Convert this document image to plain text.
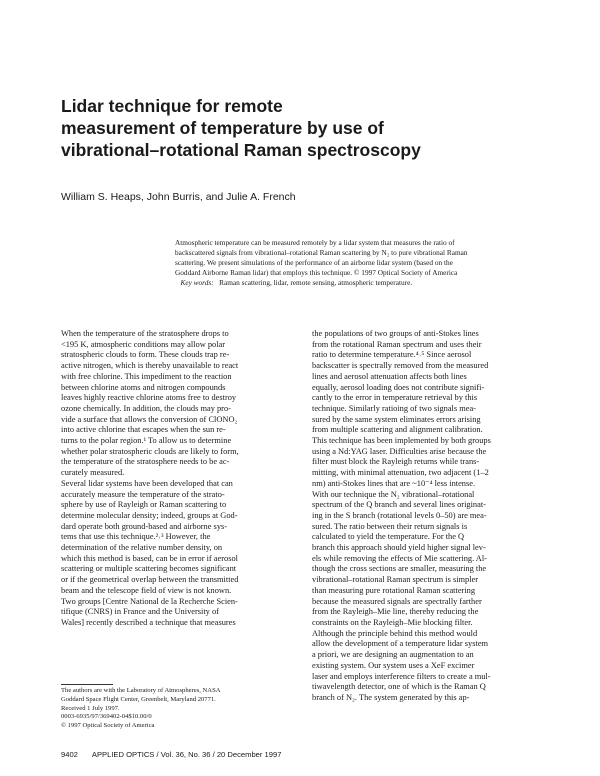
Lidar technique for remote
measurement of temperature by use of
vibrational–rotational Raman spectroscopy
William S. Heaps, John Burris, and Julie A. French
Atmospheric temperature can be measured remotely by a lidar system that measures the ratio of
backscattered signals from vibrational–rotational Raman scattering by N₂ to pure vibrational Raman
scattering. We present simulations of the performance of an airborne lidar system (based on the
Goddard Airborne Raman lidar) that employs this technique. © 1997 Optical Society of America
Key words: Raman scattering, lidar, remote sensing, atmospheric temperature.
When the temperature of the stratosphere drops to
<195 K, atmospheric conditions may allow polar
stratospheric clouds to form. These clouds trap re-
active nitrogen, which is thereby unavailable to react
with free chlorine. This impediment to the reaction
between chlorine atoms and nitrogen compounds
leaves highly reactive chlorine atoms free to destroy
ozone chemically. In addition, the clouds may pro-
vide a surface that allows the conversion of ClONO₂
into active chlorine that escapes when the sun re-
turns to the polar region.¹ To allow us to determine
whether polar stratospheric clouds are likely to form,
the temperature of the stratosphere needs to be ac-
curately measured.
Several lidar systems have been developed that can
accurately measure the temperature of the strato-
sphere by use of Rayleigh or Raman scattering to
determine molecular density; indeed, groups at God-
dard operate both ground-based and airborne sys-
tems that use this technique.²˒³ However, the
determination of the relative number density, on
which this method is based, can be in error if aerosol
scattering or multiple scattering becomes significant
or if the geometrical overlap between the transmitted
beam and the telescope field of view is not known.
Two groups [Centre National de la Recherche Scien-
tifique (CNRS) in France and the University of
Wales] recently described a technique that measures
the populations of two groups of anti-Stokes lines
from the rotational Raman spectrum and uses their
ratio to determine temperature.⁴˒⁵ Since aerosol
backscatter is spectrally removed from the measured
lines and aerosol attenuation affects both lines
equally, aerosol loading does not contribute signifi-
cantly to the error in temperature retrieval by this
technique. Similarly ratioing of two signals mea-
sured by the same system eliminates errors arising
from multiple scattering and alignment calibration.
This technique has been implemented by both groups
using a Nd:YAG laser. Difficulties arise because the
filter must block the Rayleigh returns while trans-
mitting, with minimal attenuation, two adjacent (1–2
nm) anti-Stokes lines that are ~10⁻⁴ less intense.
With our technique the N₂ vibrational–rotational
spectrum of the Q branch and several lines originat-
ing in the S branch (rotational levels 0–50) are mea-
sured. The ratio between their return signals is
calculated to yield the temperature. For the Q
branch this approach should yield higher signal lev-
els while removing the effects of Mie scattering. Al-
though the cross sections are smaller, measuring the
vibrational–rotational Raman spectrum is simpler
than measuring pure rotational Raman scattering
because the measured signals are spectrally farther
from the Rayleigh–Mie line, thereby reducing the
constraints on the Rayleigh–Mie blocking filter.
Although the principle behind this method would
allow the development of a temperature lidar system
a priori, we are designing an augmentation to an
existing system. Our system uses a XeF excimer
laser and employs interference filters to create a mul-
tiwavelength detector, one of which is the Raman Q
branch of N₂. The system generated by this ap-
The authors are with the Laboratory of Atmospheres, NASA
Goddard Space Flight Center, Greenbelt, Maryland 20771.
Received 1 July 1997.
0003-6935/97/369402-04$10.00/0
© 1997 Optical Society of America
9402 APPLIED OPTICS / Vol. 36, No. 36 / 20 December 1997
